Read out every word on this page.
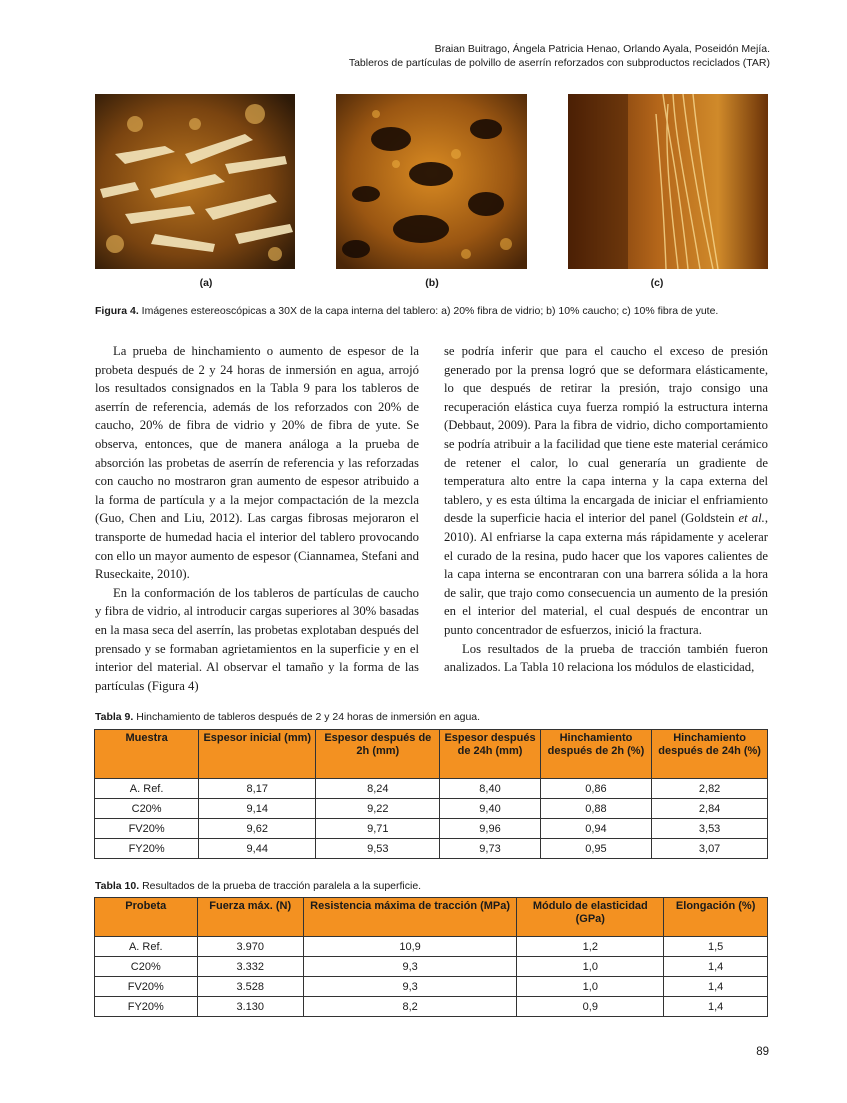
Braian Buitrago, Ángela Patricia Henao, Orlando Ayala, Poseidón Mejía.
Tableros de partículas de polvillo de aserrín reforzados con subproductos reciclados (TAR)
(a)	(b)	(c)
Figura 4. Imágenes estereoscópicas a 30X de la capa interna del tablero: a) 20% fibra de vidrio; b) 10% caucho; c) 10% fibra de yute.

La prueba de hinchamiento o aumento de espesor de la probeta después de 2 y 24 horas de inmersión en agua, arrojó los resultados consignados en la Tabla 9 para los tableros de aserrín de referencia, además de los reforzados con 20% de caucho, 20% de fibra de vidrio y 20% de fibra de yute. Se observa, entonces, que de manera análoga a la prueba de absorción las probetas de aserrín de referencia y las reforzadas con caucho no mostraron gran aumento de espesor atribuido a la forma de partícula y a la mejor compactación de la mezcla (Guo, Chen and Liu, 2012). Las cargas fibrosas mejoraron el transporte de humedad hacia el interior del tablero provocando con ello un mayor aumento de espesor (Ciannamea, Stefani and Ruseckaite, 2010).

En la conformación de los tableros de partículas de caucho y fibra de vidrio, al introducir cargas superiores al 30% basadas en la masa seca del aserrín, las probetas explotaban después del prensado y se formaban agrietamientos en la superficie y en el interior del material. Al observar el tamaño y la forma de las partículas (Figura 4)

se podría inferir que para el caucho el exceso de presión generado por la prensa logró que se deformara elásticamente, lo que después de retirar la presión, trajo consigo una recuperación elástica cuya fuerza rompió la estructura interna (Debbaut, 2009). Para la fibra de vidrio, dicho comportamiento se podría atribuir a la facilidad que tiene este material cerámico de retener el calor, lo cual generaría un gradiente de temperatura alto entre la capa interna y la capa externa del tablero, y es esta última la encargada de iniciar el enfriamiento desde la superficie hacia el interior del panel (Goldstein et al., 2010). Al enfriarse la capa externa más rápidamente y acelerar el curado de la resina, pudo hacer que los vapores calientes de la capa interna se encontraran con una barrera sólida a la hora de salir, que trajo como consecuencia un aumento de la presión en el interior del material, el cual después de encontrar un punto concentrador de esfuerzos, inició la fractura.

Los resultados de la prueba de tracción también fueron analizados. La Tabla 10 relaciona los módulos de elasticidad,

Tabla 9. Hinchamiento de tableros después de 2 y 24 horas de inmersión en agua.
Muestra	Espesor inicial (mm)	Espesor después de 2h (mm)	Espesor después de 24h (mm)	Hinchamiento después de 2h (%)	Hinchamiento después de 24h (%)
A. Ref.	8,17	8,24	8,40	0,86	2,82
C20%	9,14	9,22	9,40	0,88	2,84
FV20%	9,62	9,71	9,96	0,94	3,53
FY20%	9,44	9,53	9,73	0,95	3,07
Tabla 10. Resultados de la prueba de tracción paralela a la superficie.
Probeta	Fuerza máx. (N)	Resistencia máxima de tracción (MPa)	Módulo de elasticidad (GPa)	Elongación (%)
A. Ref.	3.970	10,9	1,2	1,5
C20%	3.332	9,3	1,0	1,4
FV20%	3.528	9,3	1,0	1,4
FY20%	3.130	8,2	0,9	1,4
89
